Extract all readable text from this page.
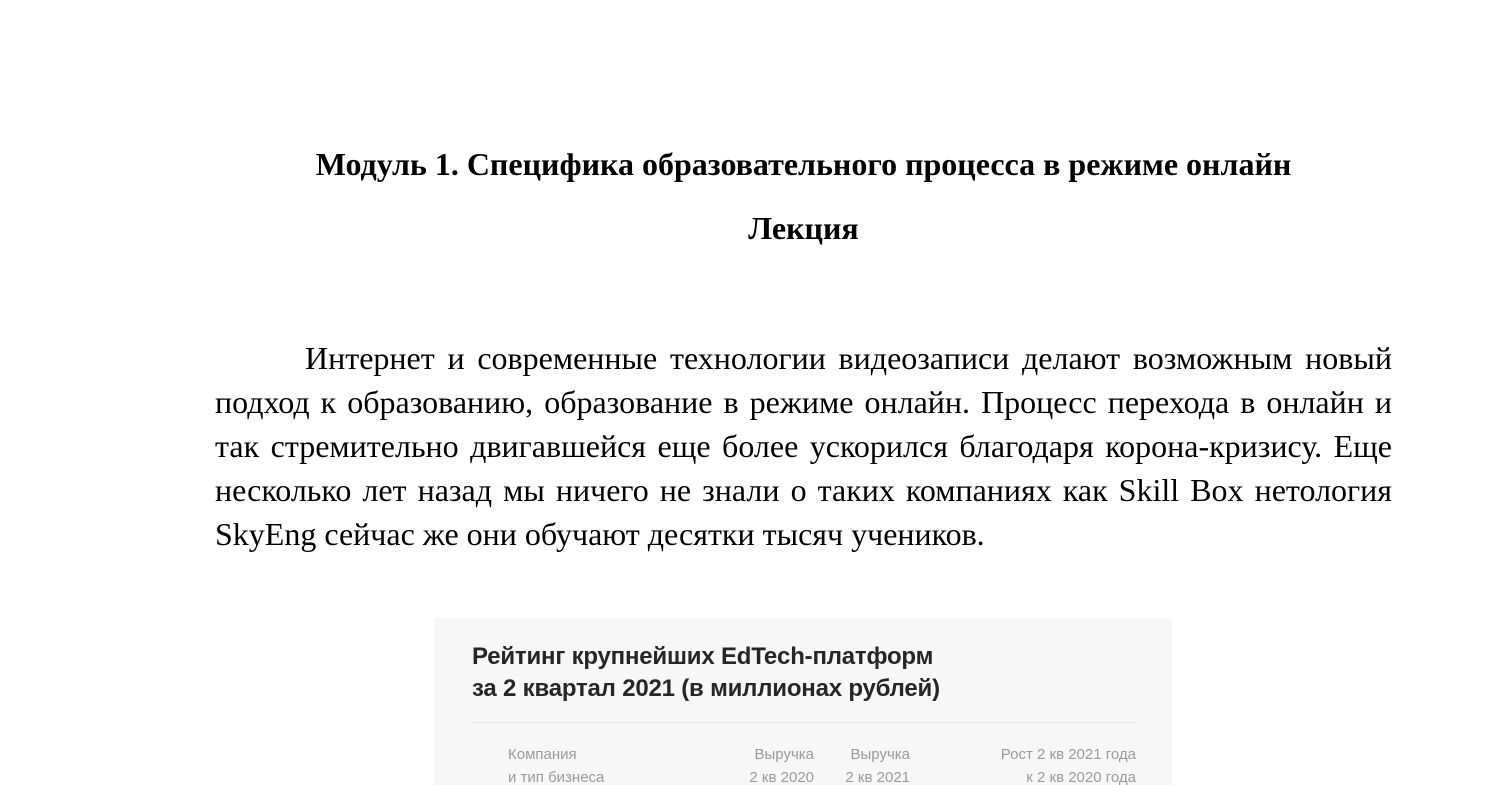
Модуль 1. Специфика образовательного процесса в режиме онлайн
Лекция

Интернет и современные технологии видеозаписи делают возможным новый подход к образованию, образование в режиме онлайн. Процесс перехода в онлайн и так стремительно двигавшейся еще более ускорился благодаря корона-кризису. Еще несколько лет назад мы ничего не знали о таких компаниях как Skill Box нетология SkyEng сейчас же они обучают десятки тысяч учеников.

Рейтинг крупнейших EdTech-платформ
за 2 квартал 2021 (в миллионах рублей)
Компания
и тип бизнеса
Выручка
2 кв 2020
Выручка
2 кв 2021
Рост 2 кв 2021 года
к 2 кв 2020 года
